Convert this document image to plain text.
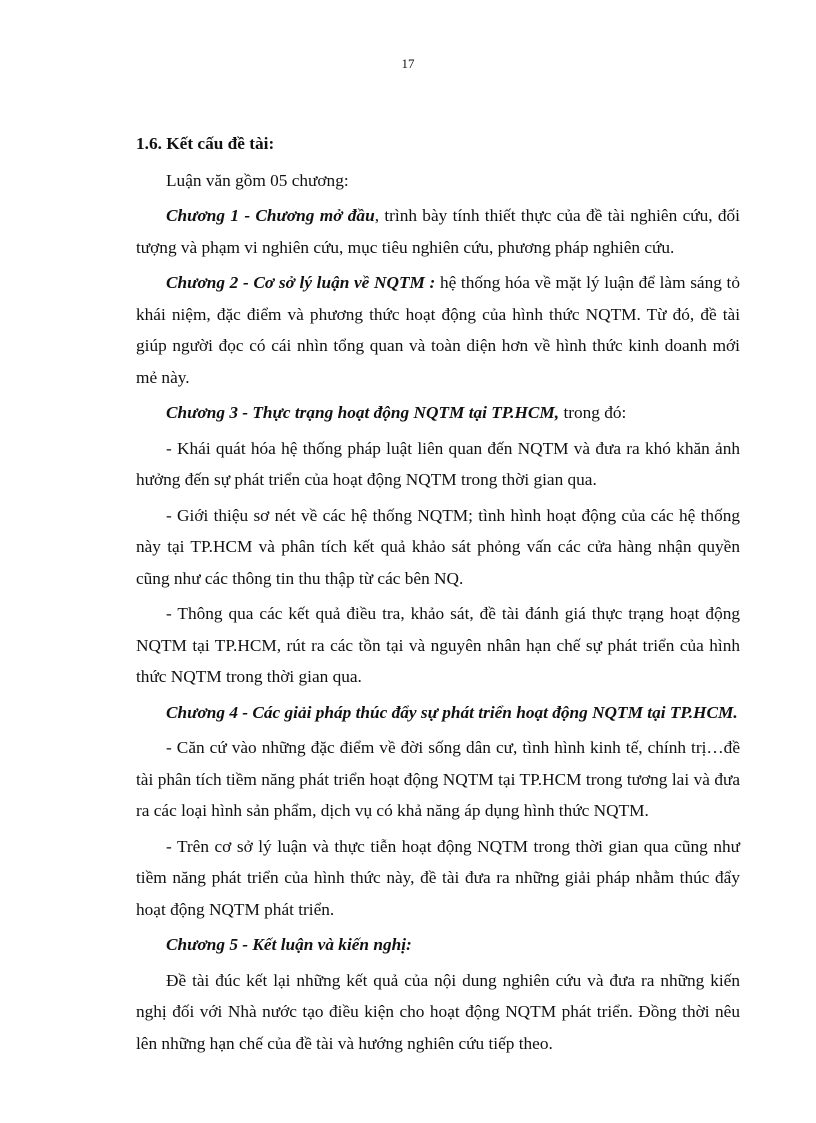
17

1.6. Kết cấu đề tài:

Luận văn gồm 05 chương:

Chương 1 - Chương mở đầu, trình bày tính thiết thực của đề tài nghiên cứu, đối tượng và phạm vi nghiên cứu, mục tiêu nghiên cứu, phương pháp nghiên cứu.

Chương 2 - Cơ sở lý luận về NQTM : hệ thống hóa về mặt lý luận để làm sáng tỏ khái niệm, đặc điểm và phương thức hoạt động của hình thức NQTM. Từ đó, đề tài giúp người đọc có cái nhìn tổng quan và toàn diện hơn về hình thức kinh doanh mới mẻ này.

Chương 3 - Thực trạng hoạt động NQTM tại TP.HCM, trong đó:

- Khái quát hóa hệ thống pháp luật liên quan đến NQTM và đưa ra khó khăn ảnh hưởng đến sự phát triển của hoạt động NQTM trong thời gian qua.

- Giới thiệu sơ nét về các hệ thống NQTM; tình hình hoạt động của các hệ thống này tại TP.HCM và phân tích kết quả khảo sát phỏng vấn các cửa hàng nhận quyền cũng như các thông tin thu thập từ các bên NQ.

- Thông qua các kết quả điều tra, khảo sát, đề tài đánh giá thực trạng hoạt động NQTM tại TP.HCM, rút ra các tồn tại và nguyên nhân hạn chế sự phát triển của hình thức NQTM trong thời gian qua.

Chương 4 - Các giải pháp thúc đẩy sự phát triển hoạt động NQTM tại TP.HCM.

- Căn cứ vào những đặc điểm về đời sống dân cư, tình hình kinh tế, chính trị…đề tài phân tích tiềm năng phát triển hoạt động NQTM tại TP.HCM trong tương lai và đưa ra các loại hình sản phẩm, dịch vụ có khả năng áp dụng hình thức NQTM.

- Trên cơ sở lý luận và thực tiễn hoạt động NQTM trong thời gian qua cũng như tiềm năng phát triển của hình thức này, đề tài đưa ra những giải pháp nhằm thúc đẩy hoạt động NQTM phát triển.

Chương 5 - Kết luận và kiến nghị:

Đề tài đúc kết lại những kết quả của nội dung nghiên cứu và đưa ra những kiến nghị đối với Nhà nước tạo điều kiện cho hoạt động NQTM phát triển. Đồng thời nêu lên những hạn chế của đề tài và hướng nghiên cứu tiếp theo.
